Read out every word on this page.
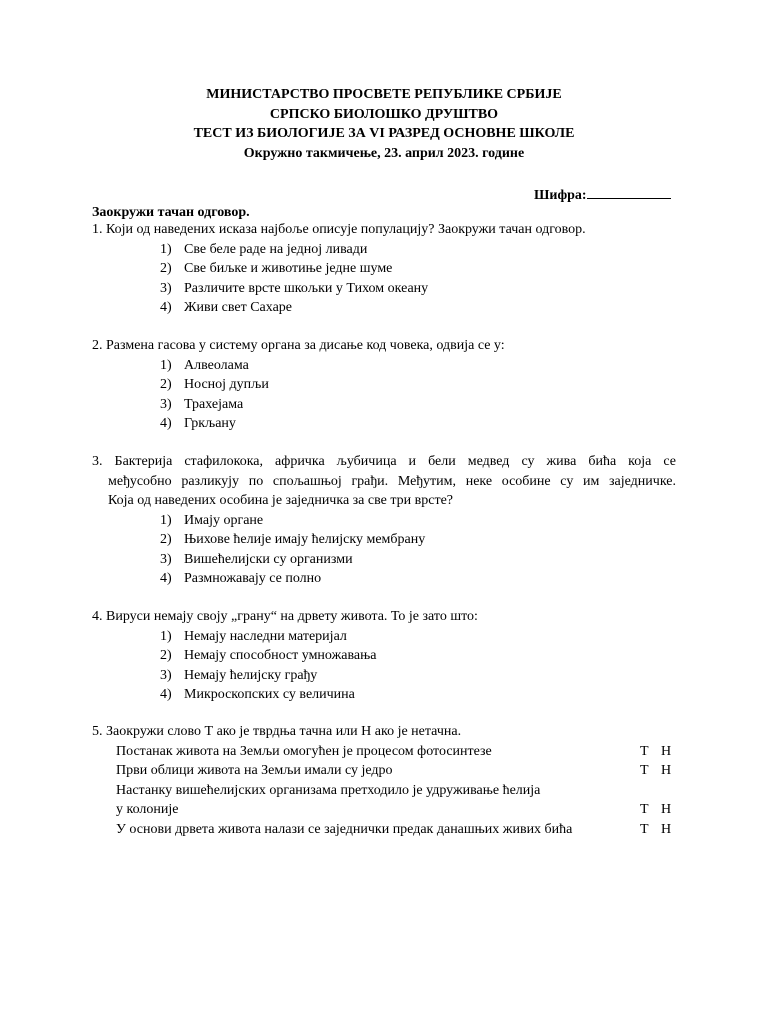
МИНИСТАРСТВО ПРОСВЕТЕ РЕПУБЛИКЕ СРБИЈЕ
СРПСКО БИОЛОШКО ДРУШТВО
ТЕСТ ИЗ БИОЛОГИЈЕ ЗА VI РАЗРЕД ОСНОВНЕ ШКОЛЕ
Окружно такмичење, 23. април 2023. године
Шифра:
Заокружи тачан одговор.
1. Који од наведених исказа најбоље описује популацију? Заокружи тачан одговор.
1) Све беле раде на једној ливади
2) Све биљке и животиње једне шуме
3) Различите врсте шкољки у Тихом океану
4) Живи свет Сахаре
2. Размена гасова у систему органа за дисање код човека, одвија се у:
1) Алвеолама
2) Носној дупљи
3) Трахејама
4) Гркљану
3. Бактерија стафилокока, афричка љубичица и бели медвед су жива бића која се
међусобно разликују по спољашњој грађи. Међутим, неке особине су им заједничке.
Која од наведених особина је заједничка за све три врсте?
1) Имају органе
2) Њихове ћелије имају ћелијску мембрану
3) Вишећелијски су организми
4) Размножавају се полно
4. Вируси немају своју „грану“ на дрвету живота. То је зато што:
1) Немају наследни материјал
2) Немају способност умножавања
3) Немају ћелијску грађу
4) Микроскопских су величина
5. Заокружи слово Т ако је тврдња тачна или Н ако је нетачна.
Постанак живота на Земљи омогућен је процесом фотосинтезе	Т Н
Први облици живота на Земљи имали су једро	Т Н
Настанку вишећелијских организама претходило је удруживање ћелија
у колоније	Т Н
У основи дрвета живота налази се заједнички предак данашњих живих бића	Т Н
